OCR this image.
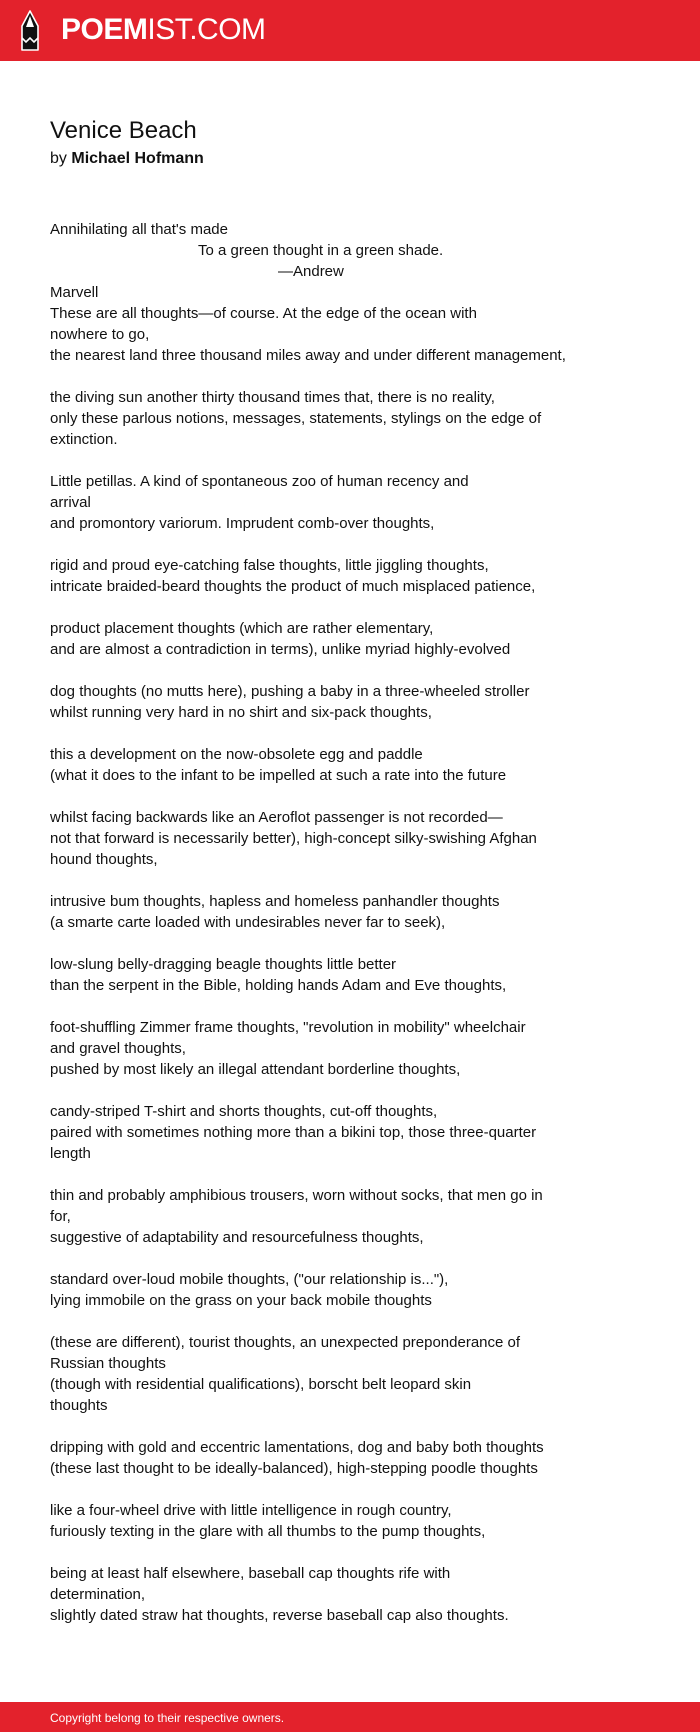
POEMIST.COM
Venice Beach
by Michael Hofmann
Annihilating all that's made
To a green thought in a green shade.
—Andrew
Marvell
These are all thoughts—of course. At the edge of the ocean with
nowhere to go,
the nearest land three thousand miles away and under different management,
the diving sun another thirty thousand times that, there is no reality,
only these parlous notions, messages, statements, stylings on the edge of
extinction.
Little petillas. A kind of spontaneous zoo of human recency and
arrival
and promontory variorum. Imprudent comb-over thoughts,
rigid and proud eye-catching false thoughts, little jiggling thoughts,
intricate braided-beard thoughts the product of much misplaced patience,
product placement thoughts (which are rather elementary,
and are almost a contradiction in terms), unlike myriad highly-evolved
dog thoughts (no mutts here), pushing a baby in a three-wheeled stroller
whilst running very hard in no shirt and six-pack thoughts,
this a development on the now-obsolete egg and paddle
(what it does to the infant to be impelled at such a rate into the future
whilst facing backwards like an Aeroflot passenger is not recorded—
not that forward is necessarily better), high-concept silky-swishing Afghan
hound thoughts,
intrusive bum thoughts, hapless and homeless panhandler thoughts
(a smarte carte loaded with undesirables never far to seek),
low-slung belly-dragging beagle thoughts little better
than the serpent in the Bible, holding hands Adam and Eve thoughts,
foot-shuffling Zimmer frame thoughts, "revolution in mobility" wheelchair
and gravel thoughts,
pushed by most likely an illegal attendant borderline thoughts,
candy-striped T-shirt and shorts thoughts, cut-off thoughts,
paired with sometimes nothing more than a bikini top, those three-quarter
length
thin and probably amphibious trousers, worn without socks, that men go in
for,
suggestive of adaptability and resourcefulness thoughts,
standard over-loud mobile thoughts, ("our relationship is..."),
lying immobile on the grass on your back mobile thoughts
(these are different), tourist thoughts, an unexpected preponderance of
Russian thoughts
(though with residential qualifications), borscht belt leopard skin
thoughts
dripping with gold and eccentric lamentations, dog and baby both thoughts
(these last thought to be ideally-balanced), high-stepping poodle thoughts
like a four-wheel drive with little intelligence in rough country,
furiously texting in the glare with all thumbs to the pump thoughts,
being at least half elsewhere, baseball cap thoughts rife with
determination,
slightly dated straw hat thoughts, reverse baseball cap also thoughts.
Copyright belong to their respective owners.
